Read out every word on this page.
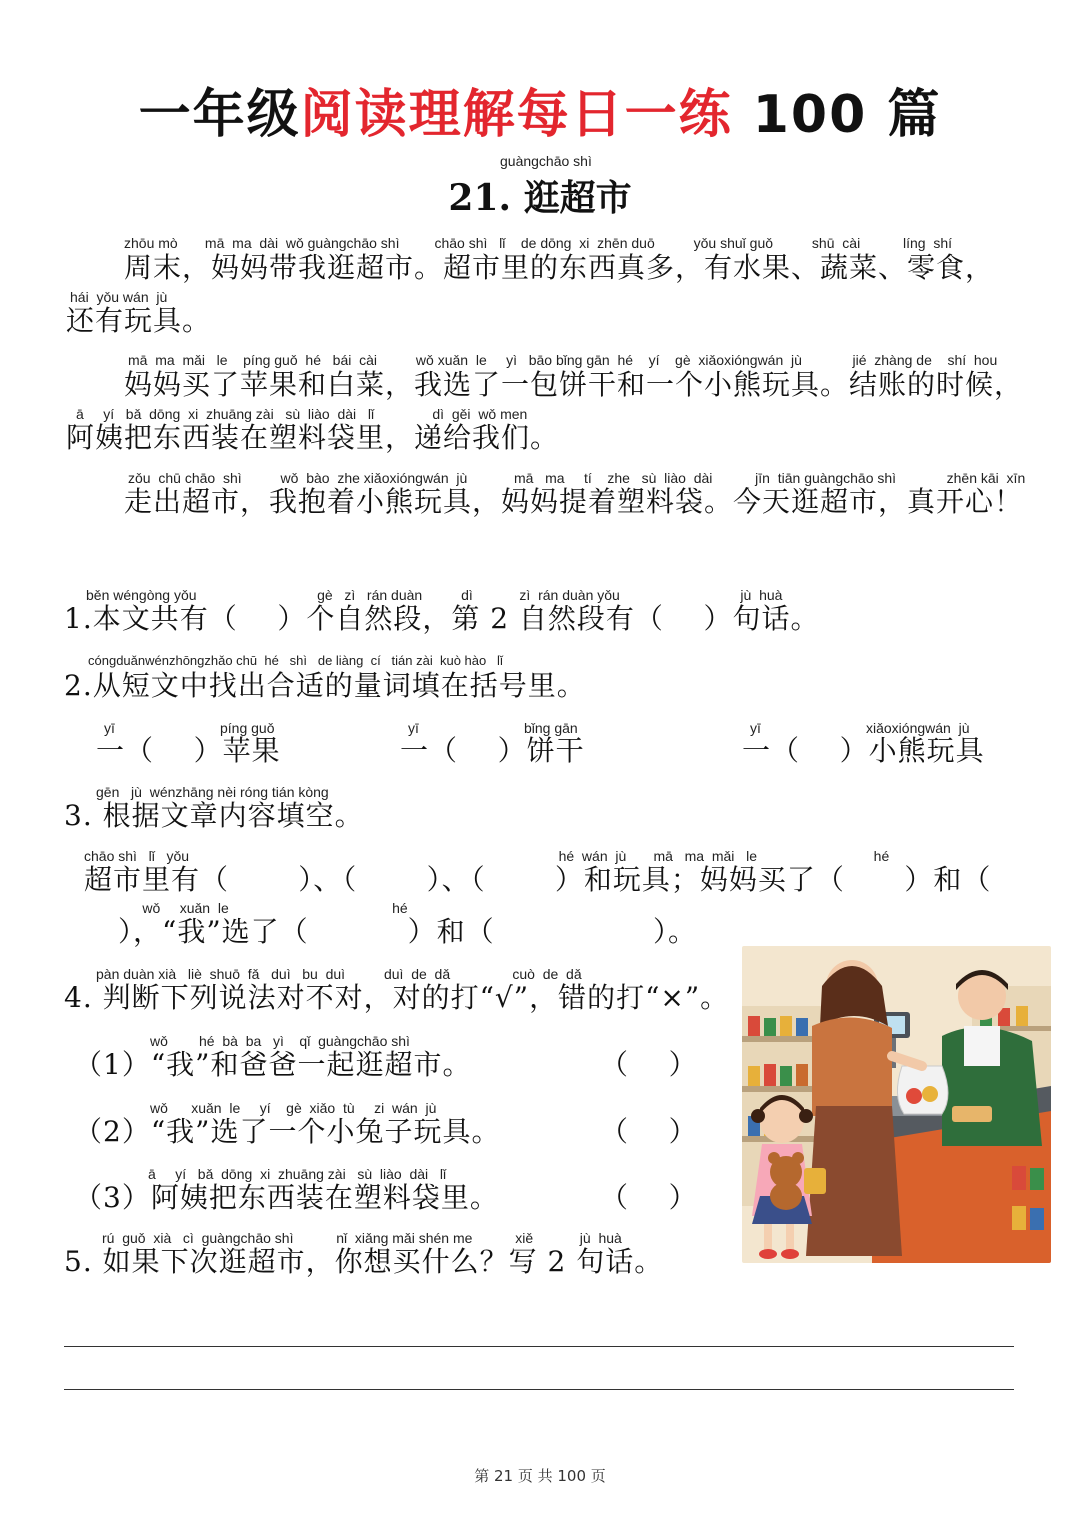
一年级阅读理解每日一练 100 篇
guàngchāo shì
21. 逛超市
zhōu mò       mā  ma  dài  wǒ guàngchāo shì         chāo shì   lǐ    de dōng  xi  zhēn duō          yǒu shuǐ guǒ          shū  cài           líng  shí
周末，妈妈带我逛超市。超市里的东西真多，有水果、蔬菜、零食，
hái  yǒu wán  jù
还有玩具。
mā  ma  mǎi   le    píng guǒ  hé   bái  cài          wǒ xuǎn  le     yì   bāo bǐng gān  hé    yí    gè  xiǎoxióngwán  jù             jié  zhàng de    shí  hou
妈妈买了苹果和白菜，我选了一包饼干和一个小熊玩具。结账的时候，
ā     yí   bǎ  dōng  xi  zhuāng zài   sù  liào  dài   lǐ               dì  gěi  wǒ men
阿姨把东西装在塑料袋里，递给我们。
zǒu  chū chāo  shì          wǒ  bào  zhe xiǎoxióngwán  jù            mā   ma     tí    zhe   sù  liào  dài           jīn  tiān guàngchāo shì             zhēn kāi  xīn
走出超市，我抱着小熊玩具，妈妈提着塑料袋。今天逛超市，真开心！
běn wéngòng yǒu                               gè   zì   rán duàn          dì            zì  rán duàn yǒu                               jù  huà
1.本文共有（    ）个自然段，第 2 自然段有（    ）句话。
cóngduǎnwénzhōngzhǎo chū  hé   shì   de liàng  cí   tián zài  kuò hào   lǐ
2.从短文中找出合适的量词填在括号里。
yī	píng guǒ
一（    ）苹果
yī	bǐng gān
一（    ）饼干
yī	xiǎoxióngwán  jù
一（    ）小熊玩具
gēn   jù  wénzhāng nèi róng tián kòng
3. 根据文章内容填空。
chāo shì   lǐ   yǒu                                                                                               hé  wán  jù       mā   ma  mǎi   le                              hé
超市里有（       ）、（       ）、（       ）和玩具；妈妈买了（      ）和（
wǒ     xuǎn  le                                          hé
），“我”选了（          ）和（                ）。
pàn duàn xià   liè  shuō  fǎ   duì   bu  duì          duì  de  dǎ                cuò  de  dǎ
4. 判断下列说法对不对，对的打“√”，错的打“×”。
wǒ        hé  bà  ba   yì    qǐ  guàngchāo shì
（1）“我”和爸爸一起逛超市。	（    ）
wǒ      xuǎn  le     yí    gè  xiǎo  tù     zi  wán  jù
（2）“我”选了一个小兔子玩具。	（    ）
ā     yí   bǎ  dōng  xi  zhuāng zài   sù  liào  dài   lǐ
（3）阿姨把东西装在塑料袋里。	（    ）
rú  guǒ  xià   cì  guàngchāo shì           nǐ  xiǎng mǎi shén me           xiě            jù  huà
5. 如果下次逛超市，你想买什么？写 2 句话。
第 21 页 共 100 页
